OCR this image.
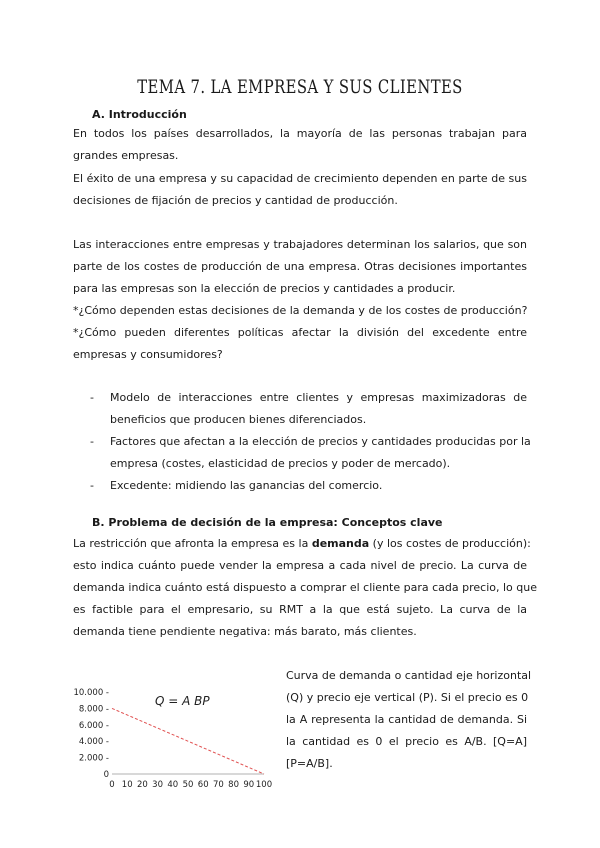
TEMA 7. LA EMPRESA Y SUS CLIENTES
A. Introducción
En todos los países desarrollados, la mayoría de las personas trabajan para
grandes empresas.
El éxito de una empresa y su capacidad de crecimiento dependen en parte de sus
decisiones de fijación de precios y cantidad de producción.
Las interacciones entre empresas y trabajadores determinan los salarios, que son
parte de los costes de producción de una empresa. Otras decisiones importantes
para las empresas son la elección de precios y cantidades a producir.
*¿Cómo dependen estas decisiones de la demanda y de los costes de producción?
*¿Cómo pueden diferentes políticas afectar la división del excedente entre
empresas y consumidores?
- Modelo de interacciones entre clientes y empresas maximizadoras de
beneficios que producen bienes diferenciados.
- Factores que afectan a la elección de precios y cantidades producidas por la
empresa (costes, elasticidad de precios y poder de mercado).
- Excedente: midiendo las ganancias del comercio.
B. Problema de decisión de la empresa: Conceptos clave
La restricción que afronta la empresa es la demanda (y los costes de producción):
esto indica cuánto puede vender la empresa a cada nivel de precio. La curva de
demanda indica cuánto está dispuesto a comprar el cliente para cada precio, lo que
es factible para el empresario, su RMT a la que está sujeto. La curva de la
demanda tiene pendiente negativa: más barato, más clientes.
Q = A BP
10.000 -
8.000 -
6.000 -
4.000 -
2.000 -
0
0 10 20 30 40 50 60 70 80 90 100
Curva de demanda o cantidad eje horizontal
(Q) y precio eje vertical (P). Si el precio es 0
la A representa la cantidad de demanda. Si
la cantidad es 0 el precio es A/B. [Q=A]
[P=A/B].
